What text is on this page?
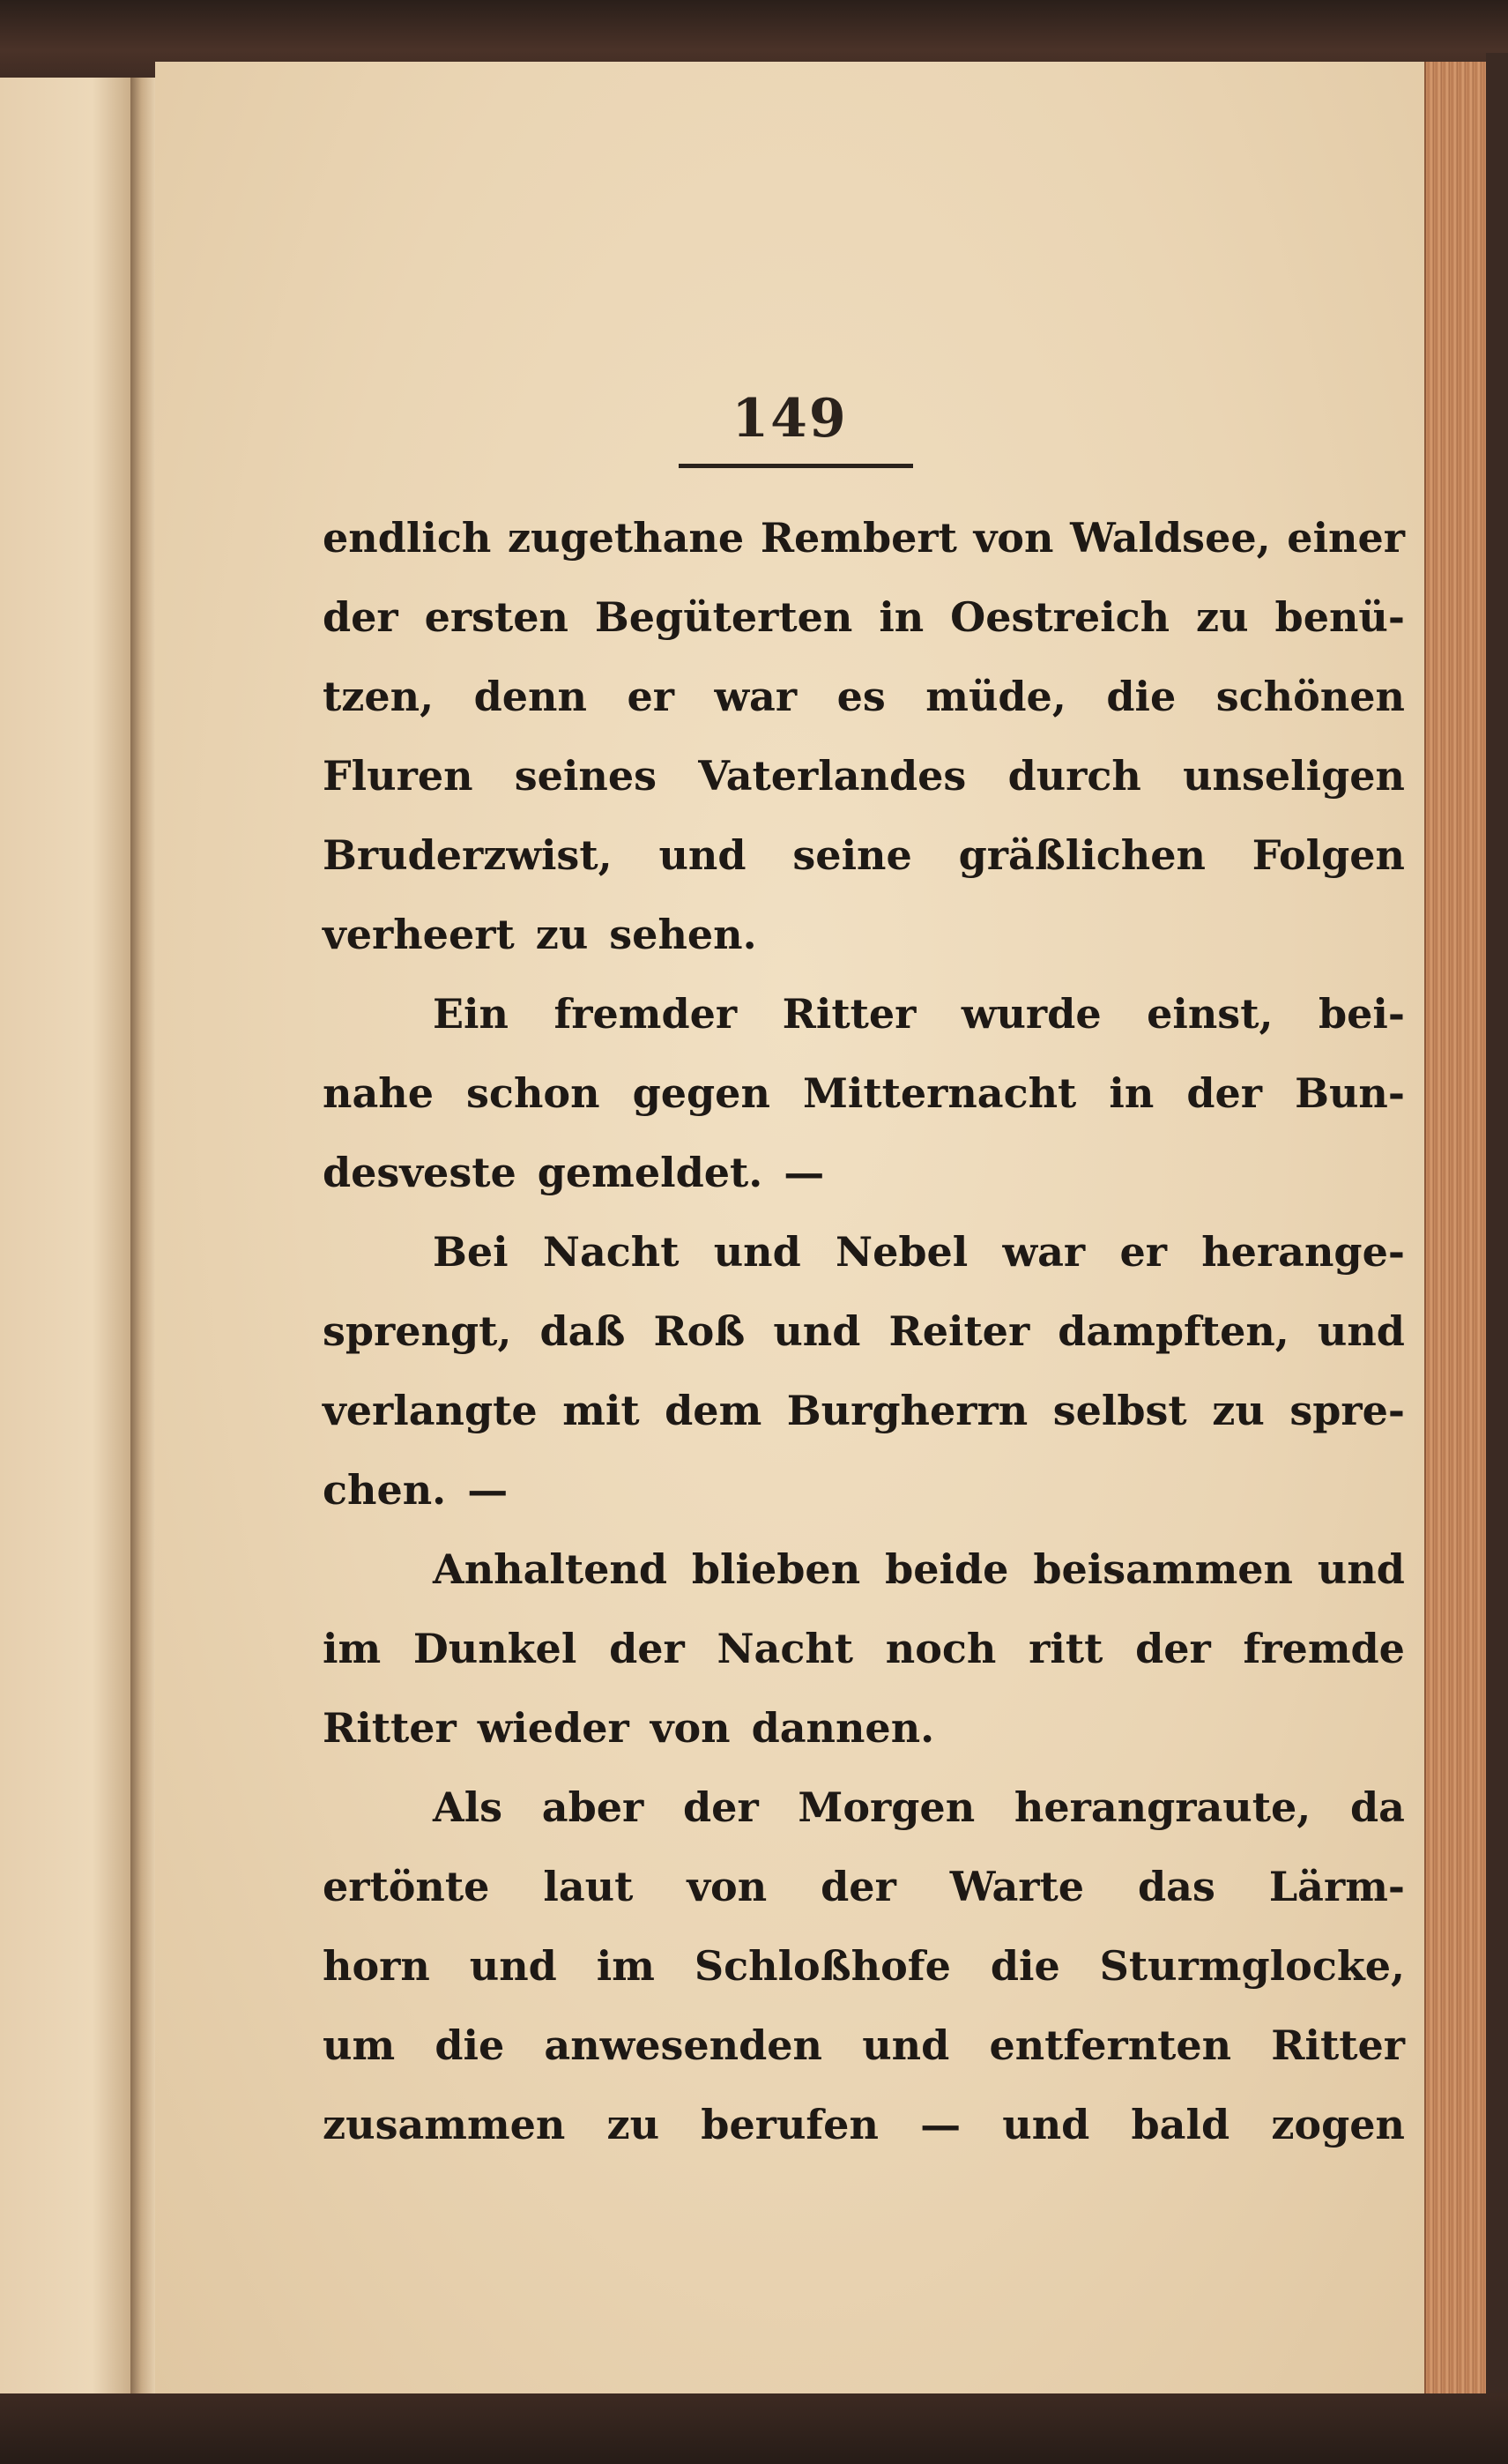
149
endlich zugethane Rembert von Waldsee, einer
der ersten Begüterten in Oestreich zu benü-
tzen, denn er war es müde, die schönen
Fluren seines Vaterlandes durch unseligen
Bruderzwist, und seine gräßlichen Folgen
verheert zu sehen.
Ein fremder Ritter wurde einst, bei-
nahe schon gegen Mitternacht in der Bun-
desveste gemeldet. —
Bei Nacht und Nebel war er herange-
sprengt, daß Roß und Reiter dampften, und
verlangte mit dem Burgherrn selbst zu spre-
chen. —
Anhaltend blieben beide beisammen und
im Dunkel der Nacht noch ritt der fremde
Ritter wieder von dannen.
Als aber der Morgen herangraute, da
ertönte laut von der Warte das Lärm-
horn und im Schloßhofe die Sturmglocke,
um die anwesenden und entfernten Ritter
zusammen zu berufen — und bald zogen
